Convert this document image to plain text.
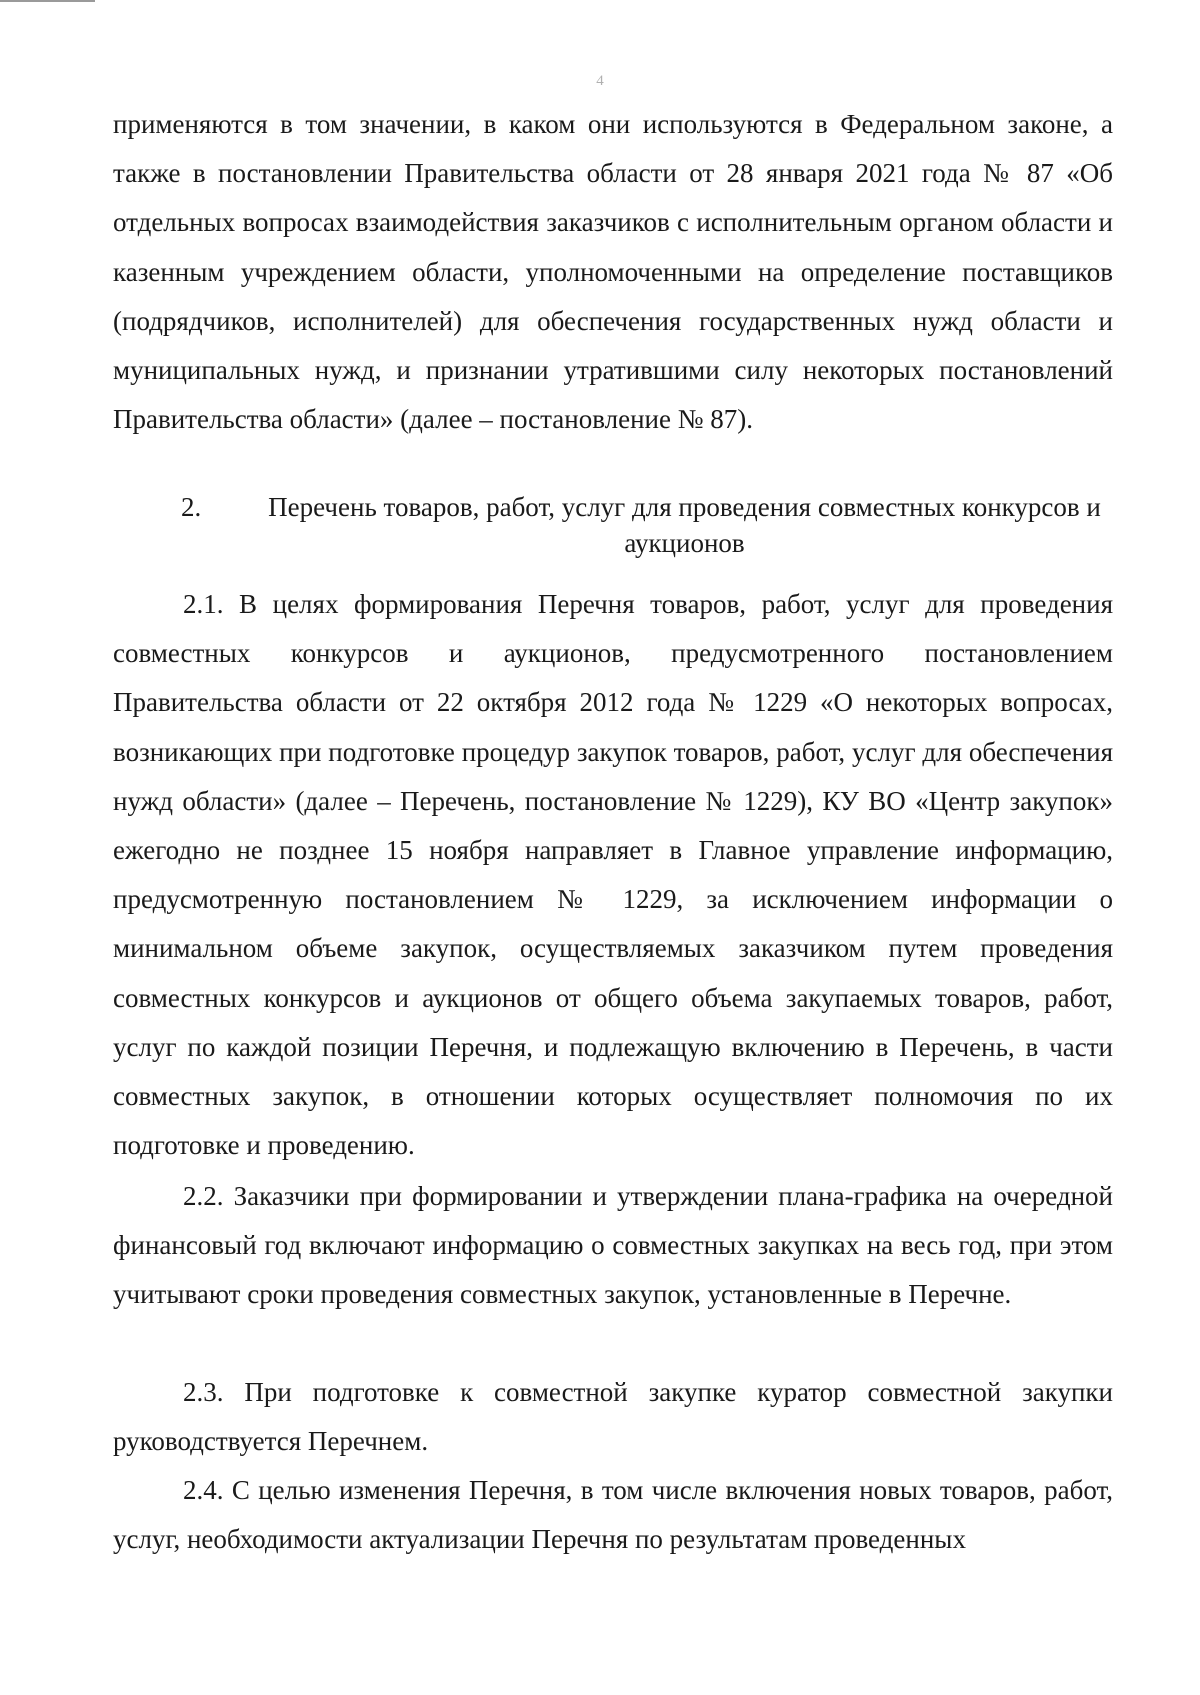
4

применяются в том значении, в каком они используются в Федеральном законе, а также в постановлении Правительства области от 28 января 2021 года № 87 «Об отдельных вопросах взаимодействия заказчиков с исполнительным органом области и казенным учреждением области, уполномоченными на определение поставщиков (подрядчиков, исполнителей) для обеспечения государственных нужд области и муниципальных нужд, и признании утратившими силу некоторых постановлений Правительства области» (далее – постановление № 87).

2.	Перечень товаров, работ, услуг для проведения совместных конкурсов и аукционов

2.1. В целях формирования Перечня товаров, работ, услуг для проведения совместных конкурсов и аукционов, предусмотренного постановлением Правительства области от 22 октября 2012 года № 1229 «О некоторых вопросах, возникающих при подготовке процедур закупок товаров, работ, услуг для обеспечения нужд области» (далее – Перечень, постановление № 1229), КУ ВО «Центр закупок» ежегодно не позднее 15 ноября направляет в Главное управление информацию, предусмотренную постановлением № 1229, за исключением информации о минимальном объеме закупок, осуществляемых заказчиком путем проведения совместных конкурсов и аукционов от общего объема закупаемых товаров, работ, услуг по каждой позиции Перечня, и подлежащую включению в Перечень, в части совместных закупок, в отношении которых осуществляет полномочия по их подготовке и проведению.

2.2. Заказчики при формировании и утверждении плана-графика на очередной финансовый год включают информацию о совместных закупках на весь год, при этом учитывают сроки проведения совместных закупок, установленные в Перечне.

2.3. При подготовке к совместной закупке куратор совместной закупки руководствуется Перечнем.

2.4. С целью изменения Перечня, в том числе включения новых товаров, работ, услуг, необходимости актуализации Перечня по результатам проведенных
